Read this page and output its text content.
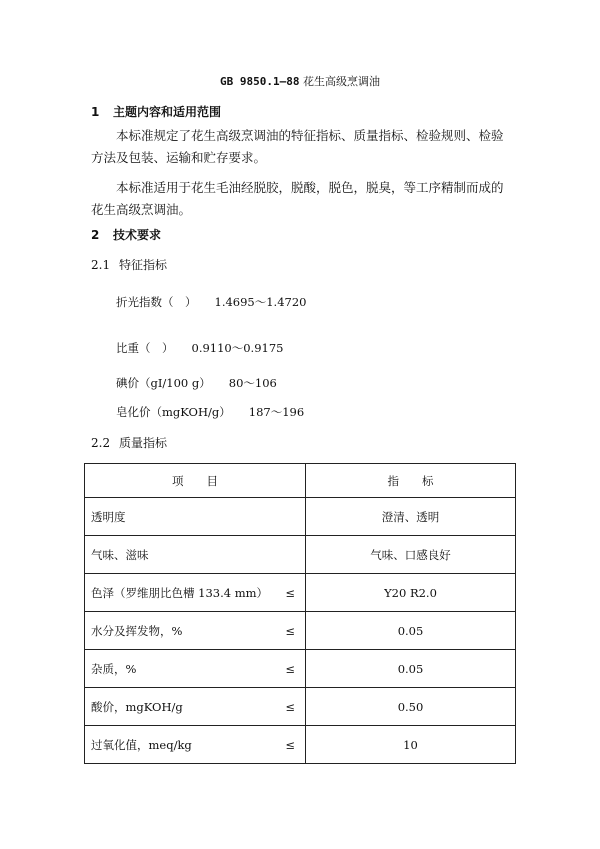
GB 9850.1—88 花生高级烹调油
1 主题内容和适用范围
本标准规定了花生高级烹调油的特征指标、质量指标、检验规则、检验方法及包装、运输和贮存要求。
本标准适用于花生毛油经脱胶，脱酸，脱色，脱臭，等工序精制而成的花生高级烹调油。
2 技术要求
2.1 特征指标
折光指数（　） 1.4695～1.4720
比重（　） 0.9110～0.9175
碘价（gI/100 g） 80～106
皂化价（mgKOH/g） 187～196
2.2 质量指标
项　　目	指　　标
透明度	澄清、透明
气味、滋味	气味、口感良好
色泽（罗维朋比色槽 133.4 mm） ≤	Y20 R2.0
水分及挥发物，% ≤	0.05
杂质，% ≤	0.05
酸价，mgKOH/g ≤	0.50
过氧化值，meq/kg ≤	10
